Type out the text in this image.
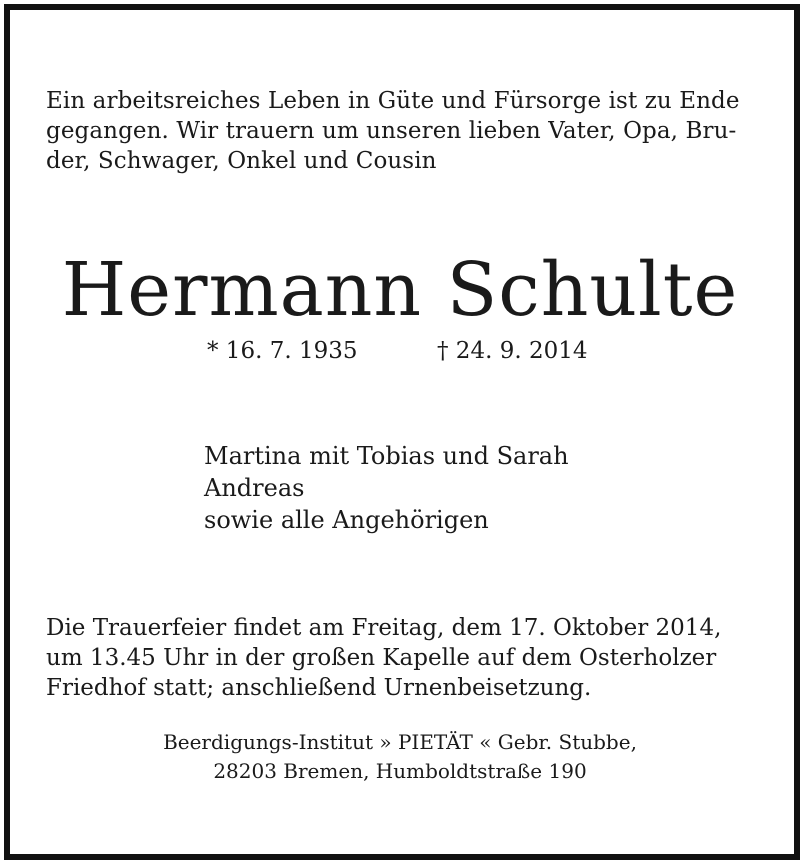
Ein arbeitsreiches Leben in Güte und Fürsorge ist zu Ende
gegangen. Wir trauern um unseren lieben Vater, Opa, Bru-
der, Schwager, Onkel und Cousin
Hermann Schulte
* 16. 7. 1935	† 24. 9. 2014
Martina mit Tobias und Sarah
Andreas
sowie alle Angehörigen
Die Trauerfeier findet am Freitag, dem 17. Oktober 2014,
um 13.45 Uhr in der großen Kapelle auf dem Osterholzer
Friedhof statt; anschließend Urnenbeisetzung.
Beerdigungs-Institut » PIETÄT « Gebr. Stubbe,
28203 Bremen, Humboldtstraße 190
